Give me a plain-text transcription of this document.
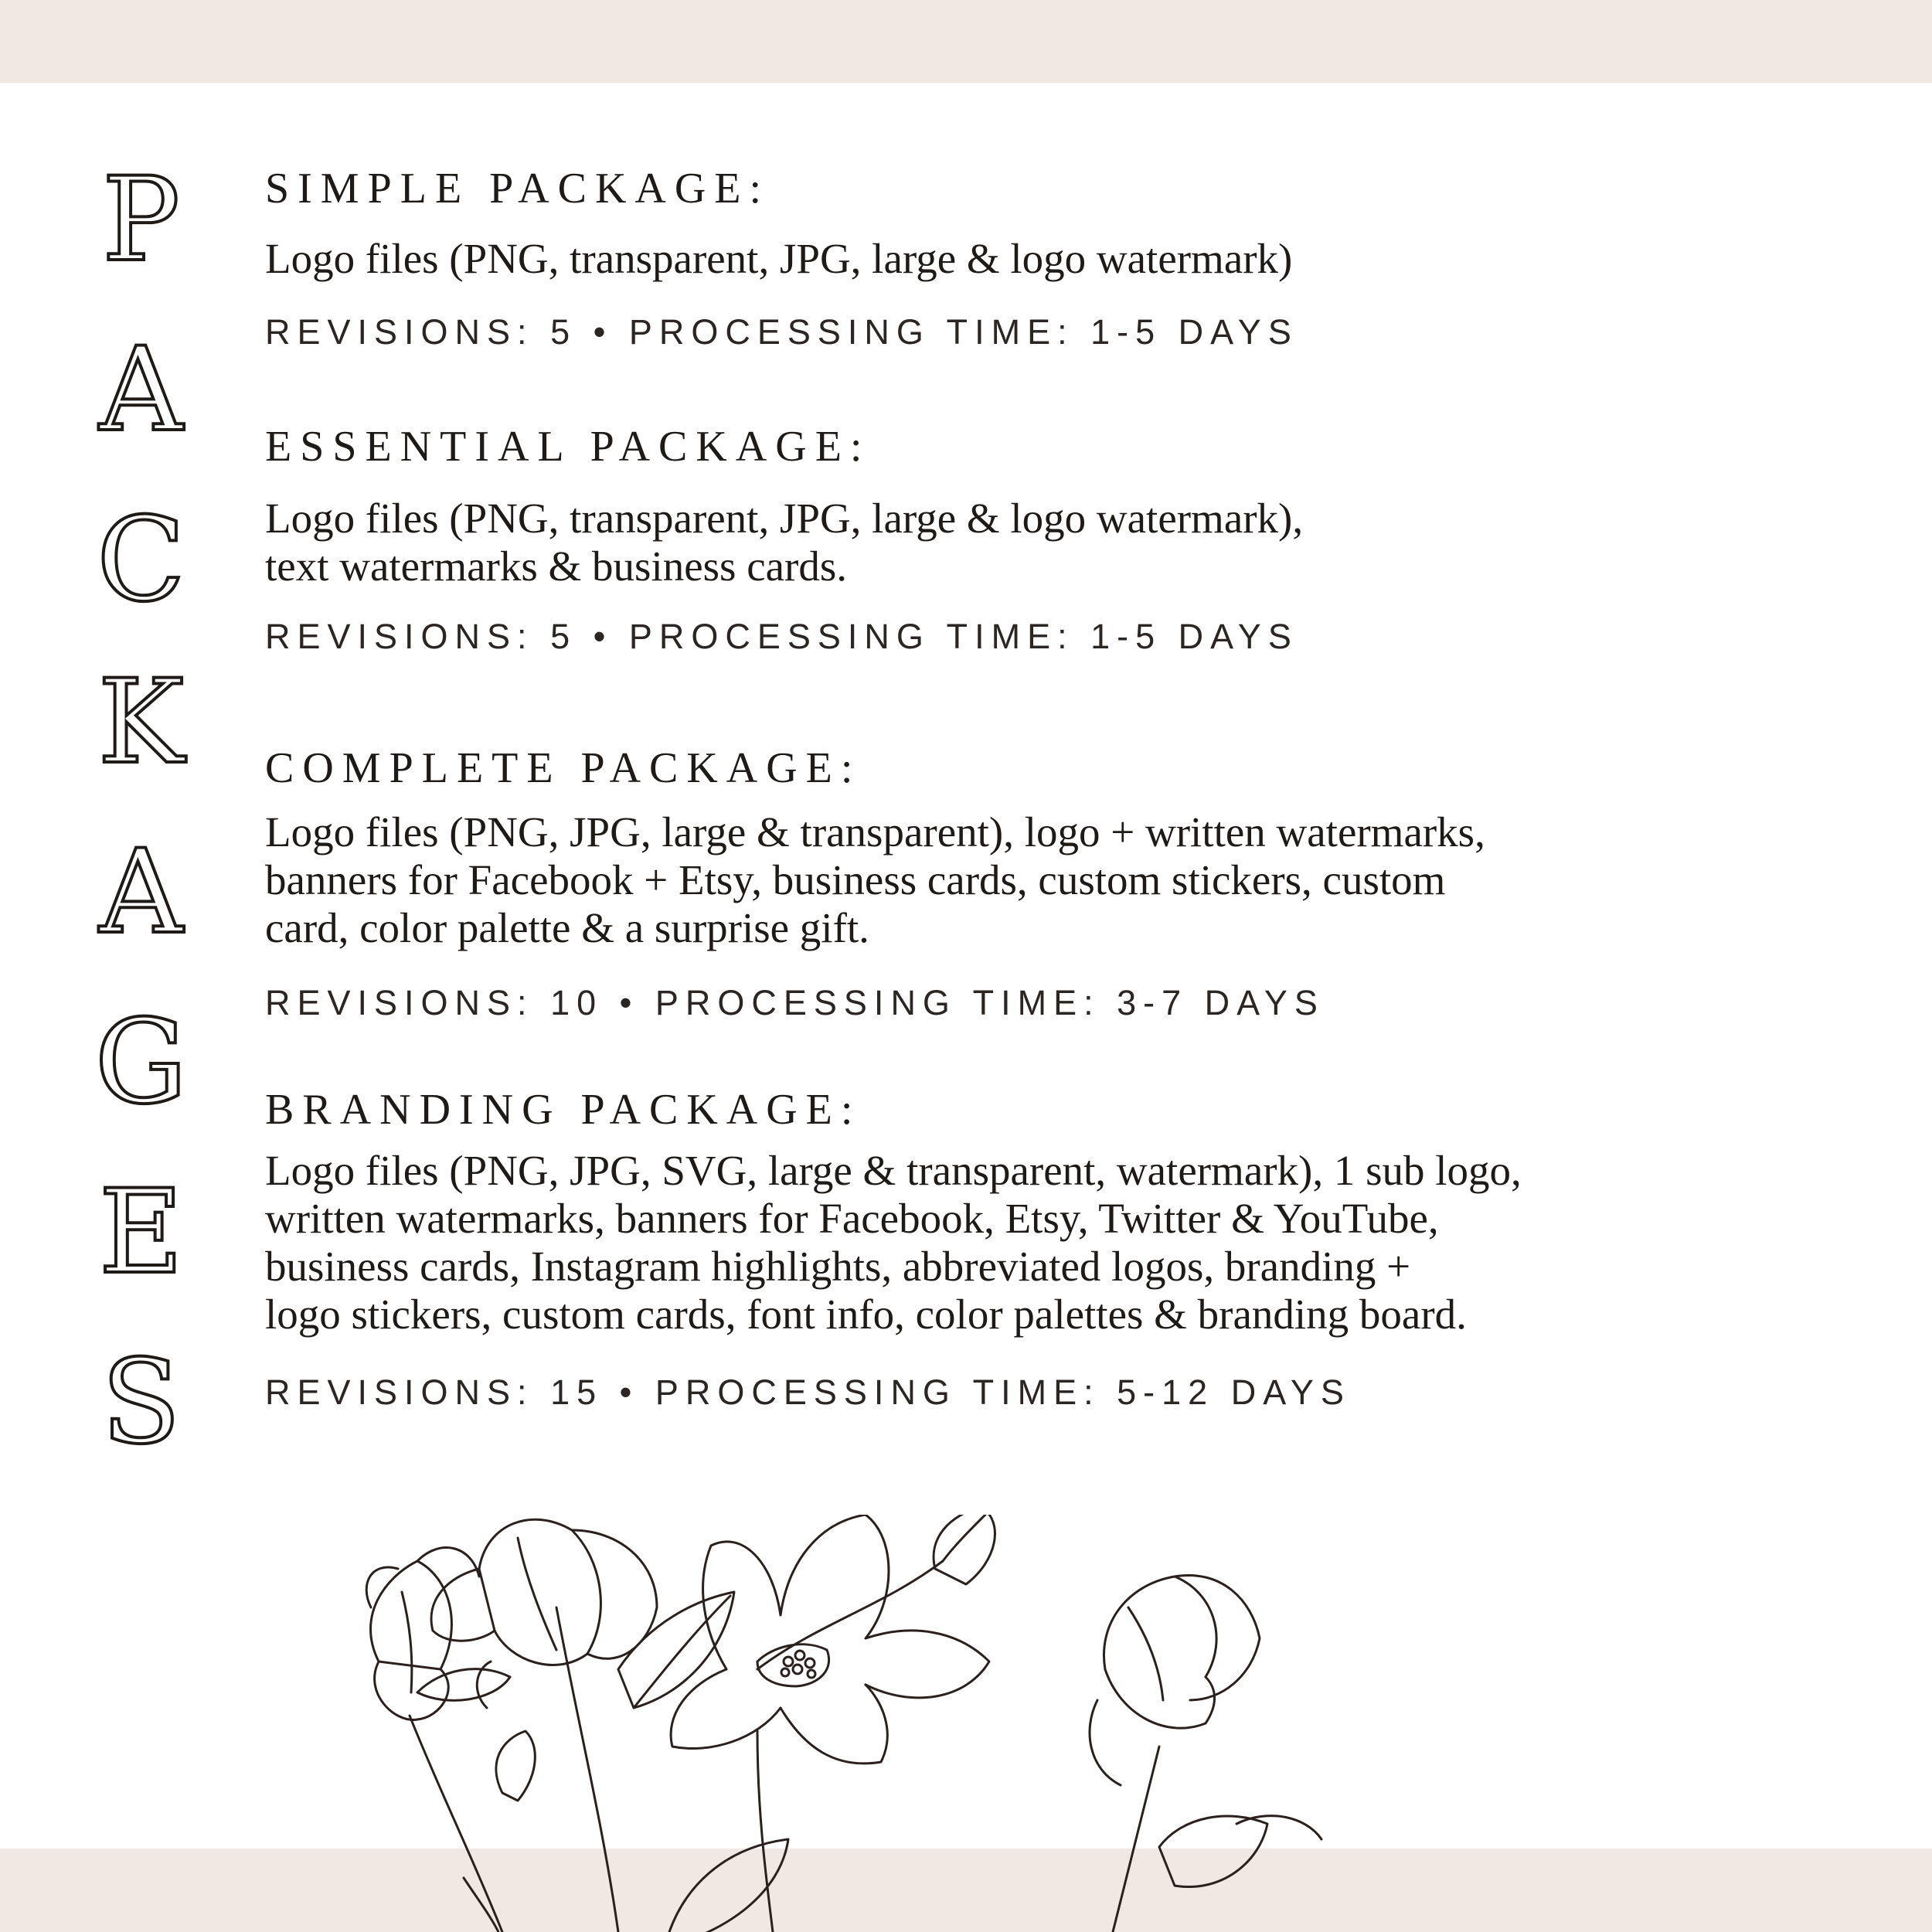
P
A
C
K
A
G
E
S
SIMPLE PACKAGE:

Logo files (PNG, transparent, JPG, large & logo watermark)

REVISIONS: 5 • PROCESSING TIME: 1-5 DAYS

ESSENTIAL PACKAGE:

Logo files (PNG, transparent, JPG, large & logo watermark),

text watermarks & business cards.

REVISIONS: 5 • PROCESSING TIME: 1-5 DAYS

COMPLETE PACKAGE:

Logo files (PNG, JPG, large & transparent), logo + written watermarks,

banners for Facebook + Etsy, business cards, custom stickers, custom

card, color palette & a surprise gift.

REVISIONS: 10 • PROCESSING TIME: 3-7 DAYS

BRANDING PACKAGE:

Logo files (PNG, JPG, SVG, large & transparent, watermark), 1 sub logo,

written watermarks, banners for Facebook, Etsy, Twitter & YouTube,

business cards, Instagram highlights, abbreviated logos, branding +

logo stickers, custom cards, font info, color palettes & branding board.

REVISIONS: 15 • PROCESSING TIME: 5-12 DAYS
